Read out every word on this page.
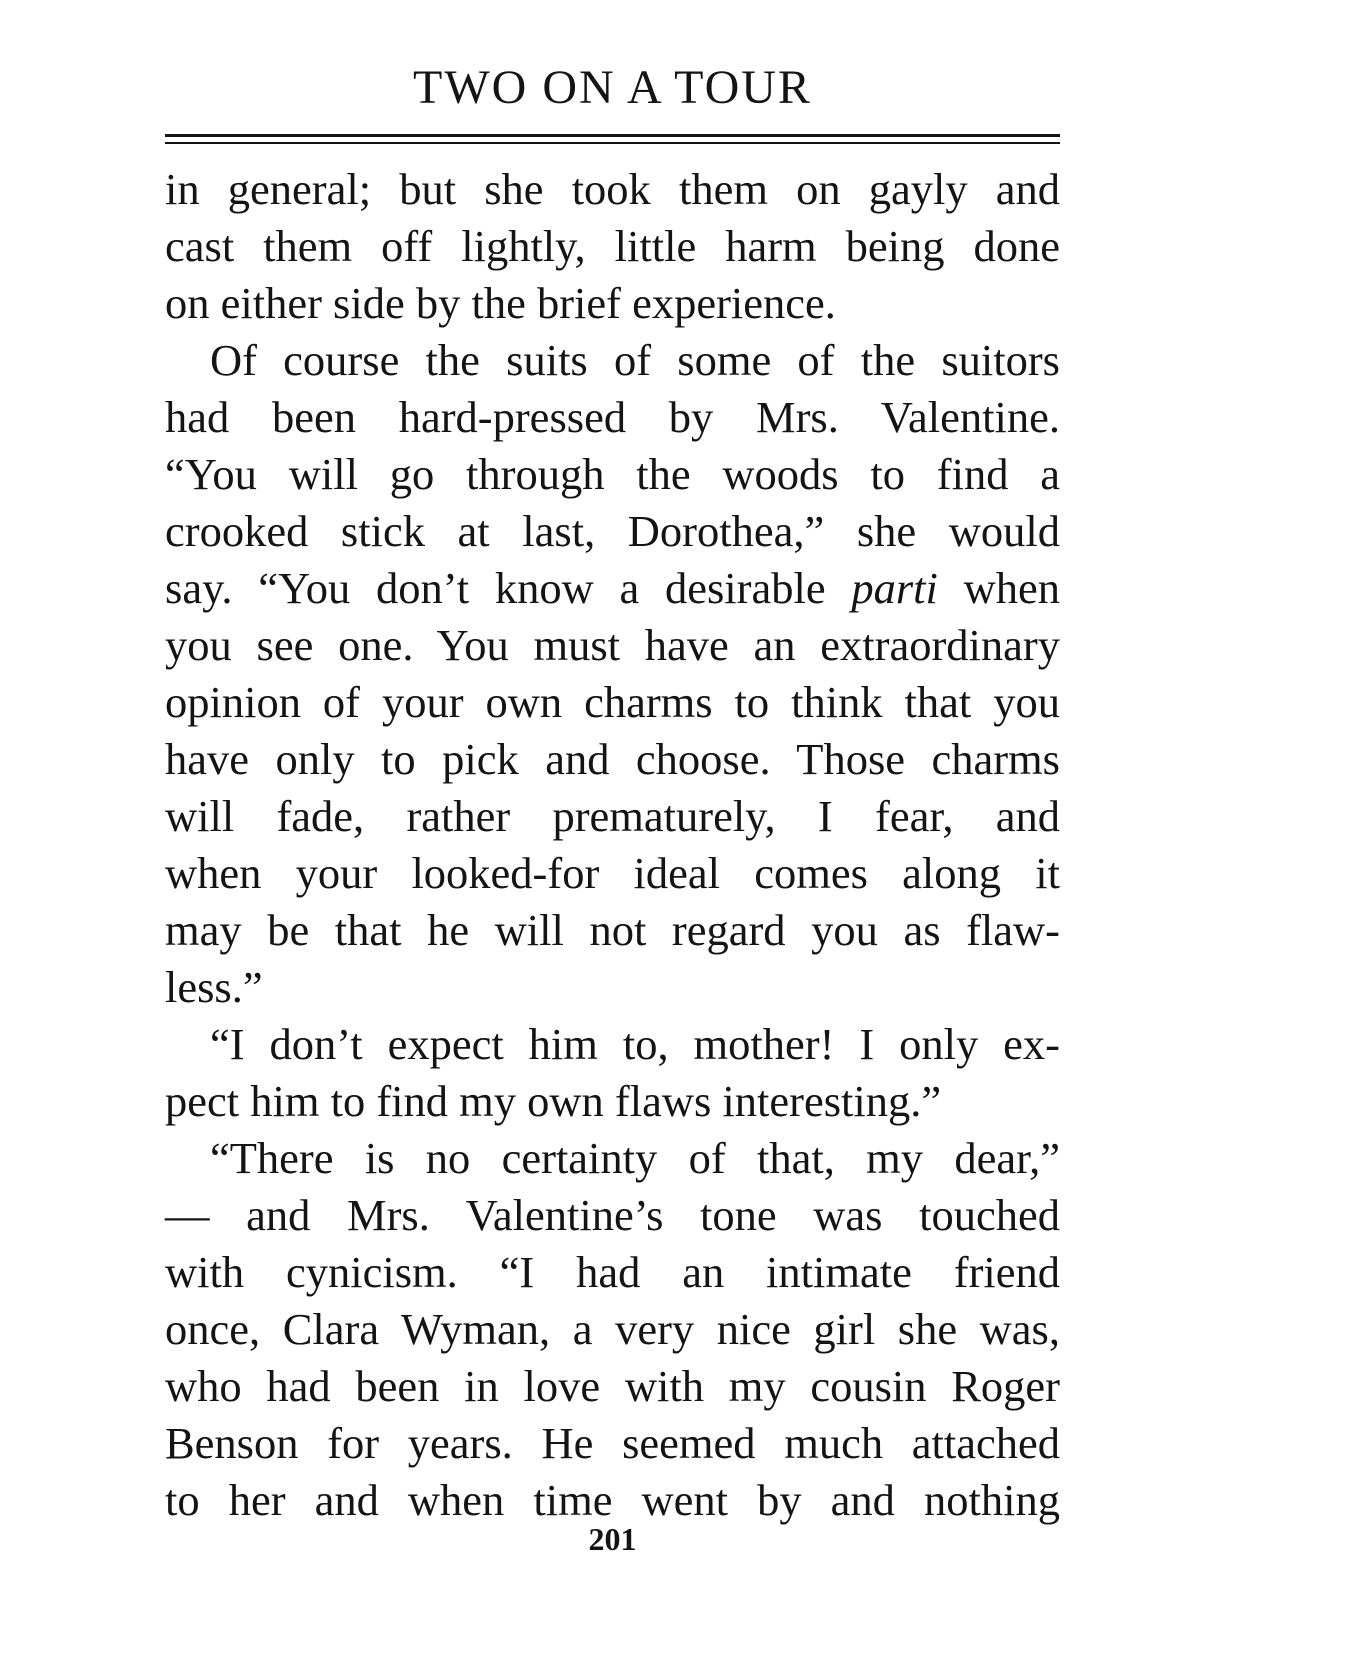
TWO ON A TOUR
in general; but she took them on gayly and
cast them off lightly, little harm being done
on either side by the brief experience.
Of course the suits of some of the suitors
had been hard-pressed by Mrs. Valentine.
“You will go through the woods to find a
crooked stick at last, Dorothea,” she would
say. “You don’t know a desirable parti when
you see one. You must have an extraordinary
opinion of your own charms to think that you
have only to pick and choose. Those charms
will fade, rather prematurely, I fear, and
when your looked-for ideal comes along it
may be that he will not regard you as flaw-
less.”
“I don’t expect him to, mother! I only ex-
pect him to find my own flaws interesting.”
“There is no certainty of that, my dear,”
— and Mrs. Valentine’s tone was touched
with cynicism. “I had an intimate friend
once, Clara Wyman, a very nice girl she was,
who had been in love with my cousin Roger
Benson for years. He seemed much attached
to her and when time went by and nothing
201
